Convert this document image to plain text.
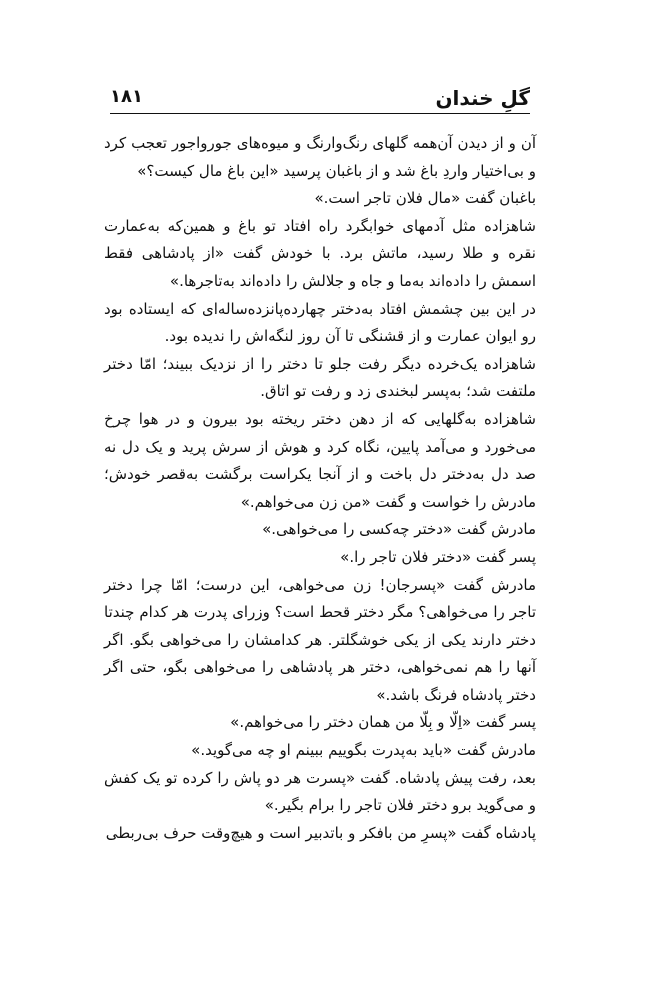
گلِ خندان
۱۸۱

آن و از دیدن آن‌همه گلهای رنگ‌وارنگ و میوه‌های جوروا‌جور تعجب کرد و بی‌اختیار واردِ باغ شد و از باغبان پرسید «این باغ مال کیست؟»

باغبان گفت «مال فلان تاجر است.»

شاهزاده مثل آدمهای خوابگرد راه افتاد تو باغ و همین‌که به‌عمارت نقره و طلا رسید، ماتش برد. با خودش گفت «از پادشاهی فقط اسمش را داده‌اند به‌ما و جاه و جلالش را داده‌اند به‌تاجرها.»

در این بین چشمش افتاد به‌دختر چهارده‌پانزده‌ساله‌ای که ایستاده بود رو ایوان عمارت و از قشنگی تا آن روز لنگه‌اش را ندیده بود.

شاهزاده یک‌خرده دیگر رفت جلو تا دختر را از نزدیک ببیند؛ امّا دختر ملتفت شد؛ به‌پسر لبخندی زد و رفت تو اتاق.

شاهزاده به‌گلهایی که از دهن دختر ریخته بود بیرون و در هوا چرخ می‌خورد و می‌آمد پایین، نگاه کرد و هوش از سرش پرید و یک دل نه صد دل به‌دختر دل باخت و از آنجا یکراست برگشت به‌قصر خودش؛ مادرش را خواست و گفت «من زن می‌خواهم.»

مادرش گفت «دختر چه‌کسی را می‌خواهی.»

پسر گفت «دختر فلان تاجر را.»

مادرش گفت «پسرجان! زن می‌خواهی، این درست؛ امّا چرا دختر تاجر را می‌خواهی؟ مگر دختر قحط است؟ وزرای پدرت هر کدام چندتا دختر دارند یکی از یکی خوشگلتر. هر کدامشان را می‌خواهی بگو. اگر آنها را هم نمی‌خواهی، دختر هر پادشاهی را می‌خواهی بگو، حتی اگر دختر پادشاه فرنگ باشد.»

پسر گفت «اِلّا و بِلّا من همان دختر را می‌خواهم.»

مادرش گفت «باید به‌پدرت بگوییم ببینم او چه می‌گوید.»

بعد، رفت پیش پادشاه. گفت «پسرت هر دو پاش را کرده تو یک کفش و می‌گوید برو دختر فلان تاجر را برام بگیر.»

پادشاه گفت «پسرِ من بافکر و باتدبیر است و هیچ‌وقت حرف بی‌ربطی
